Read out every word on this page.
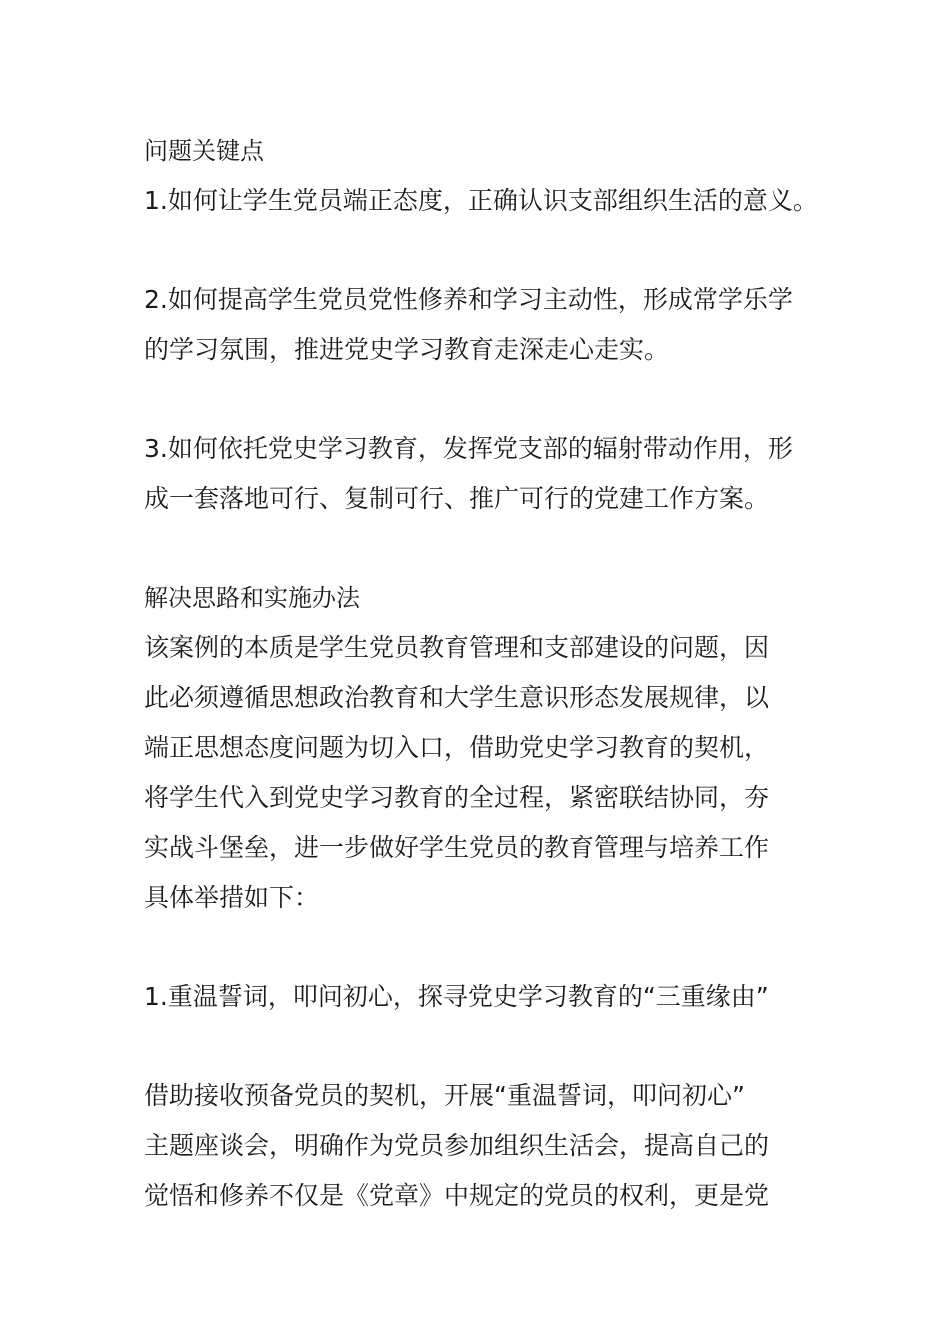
问题关键点
1.如何让学生党员端正态度，正确认识支部组织生活的意义。
2.如何提高学生党员党性修养和学习主动性，形成常学乐学
的学习氛围，推进党史学习教育走深走心走实。
3.如何依托党史学习教育，发挥党支部的辐射带动作用，形
成一套落地可行、复制可行、推广可行的党建工作方案。
解决思路和实施办法
该案例的本质是学生党员教育管理和支部建设的问题，因
此必须遵循思想政治教育和大学生意识形态发展规律，以
端正思想态度问题为切入口，借助党史学习教育的契机，
将学生代入到党史学习教育的全过程，紧密联结协同，夯
实战斗堡垒，进一步做好学生党员的教育管理与培养工作
具体举措如下：
1.重温誓词，叩问初心，探寻党史学习教育的“三重缘由”
借助接收预备党员的契机，开展“重温誓词，叩问初心”
主题座谈会，明确作为党员参加组织生活会，提高自己的
觉悟和修养不仅是《党章》中规定的党员的权利，更是党
